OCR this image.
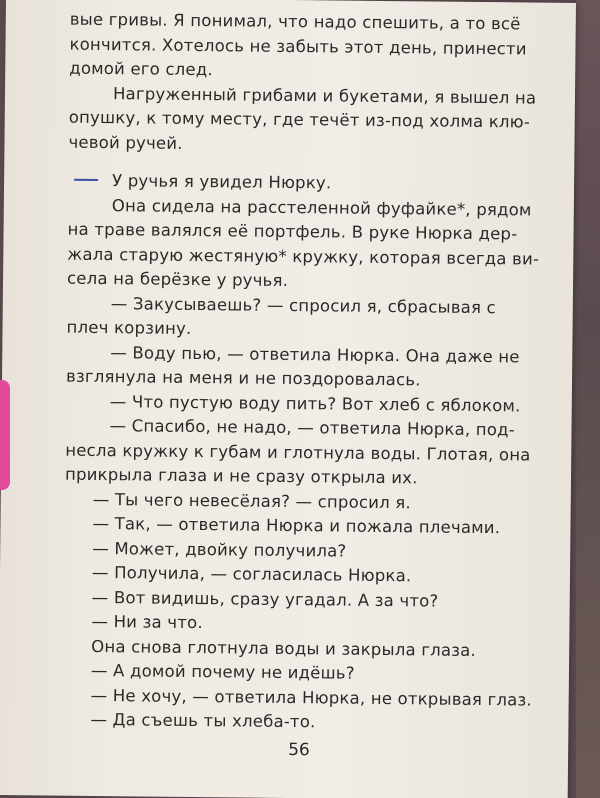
вые гривы. Я понимал, что надо спешить, а то всё
кончится. Хотелось не забыть этот день, принести
домой его след.
Нагруженный грибами и букетами, я вышел на
опушку, к тому месту, где течёт из-под холма клю-
чевой ручей.
У ручья я увидел Нюрку.
Она сидела на расстеленной фуфайке*, рядом
на траве валялся её портфель. В руке Нюрка дер-
жала старую жестяную* кружку, которая всегда ви-
села на берёзке у ручья.
— Закусываешь? — спросил я, сбрасывая с
плеч корзину.
— Воду пью, — ответила Нюрка. Она даже не
взглянула на меня и не поздоровалась.
— Что пустую воду пить? Вот хлеб с яблоком.
— Спасибо, не надо, — ответила Нюрка, под-
несла кружку к губам и глотнула воды. Глотая, она
прикрыла глаза и не сразу открыла их.
— Ты чего невесёлая? — спросил я.
— Так, — ответила Нюрка и пожала плечами.
— Может, двойку получила?
— Получила, — согласилась Нюрка.
— Вот видишь, сразу угадал. А за что?
— Ни за что.
Она снова глотнула воды и закрыла глаза.
— А домой почему не идёшь?
— Не хочу, — ответила Нюрка, не открывая глаз.
— Да съешь ты хлеба-то.
56
